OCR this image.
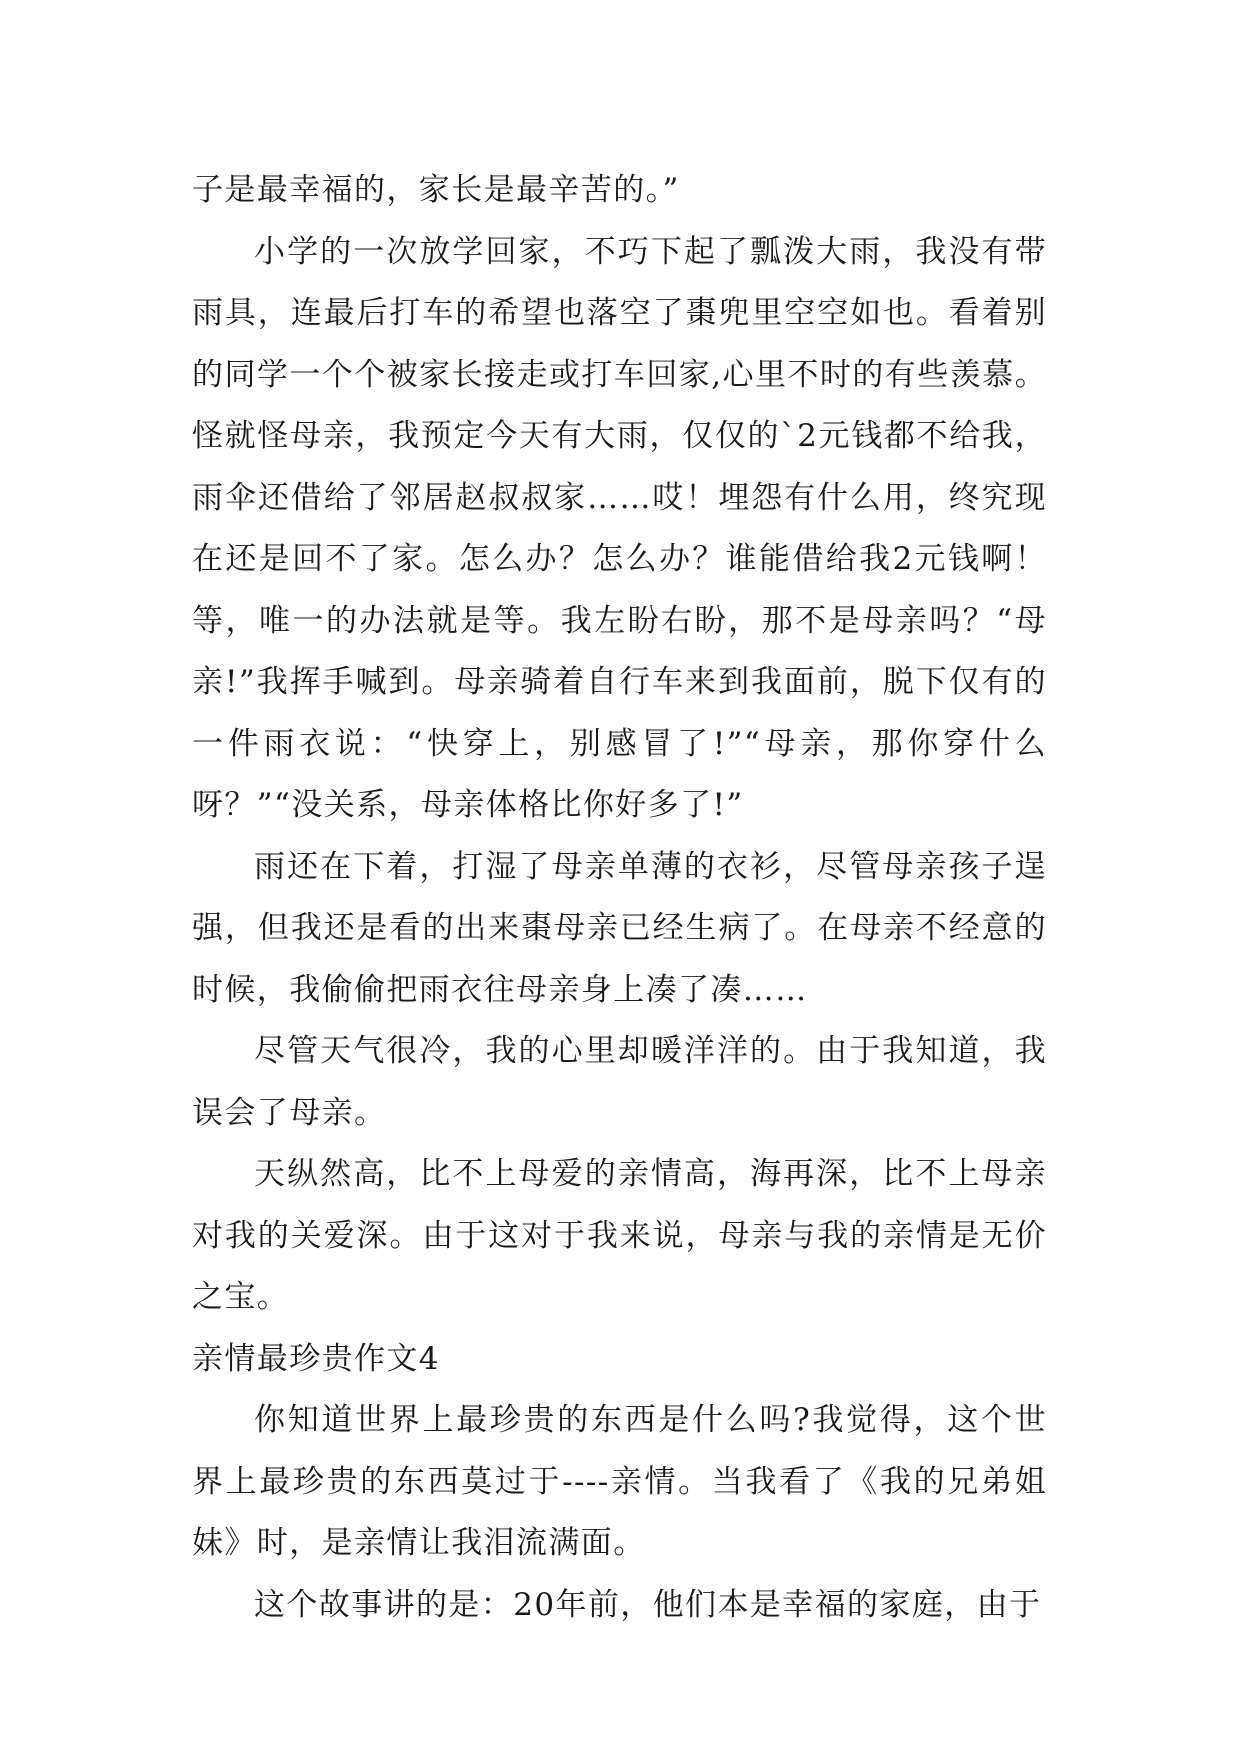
子是最幸福的，家长是最辛苦的。”

小学的一次放学回家，不巧下起了瓢泼大雨，我没有带雨具，连最后打车的希望也落空了棗兜里空空如也。看着别的同学一个个被家长接走或打车回家,心里不时的有些羡慕。怪就怪母亲，我预定今天有大雨，仅仅的`2元钱都不给我，雨伞还借给了邻居赵叔叔家……哎！埋怨有什么用，终究现在还是回不了家。怎么办？怎么办？谁能借给我2元钱啊！等，唯一的办法就是等。我左盼右盼，那不是母亲吗？“母亲!”我挥手喊到。母亲骑着自行车来到我面前，脱下仅有的一件雨衣说：“快穿上，别感冒了!”“母亲，那你穿什么呀？”“没关系，母亲体格比你好多了!”

雨还在下着，打湿了母亲单薄的衣衫，尽管母亲孩子逞强，但我还是看的出来棗母亲已经生病了。在母亲不经意的时候，我偷偷把雨衣往母亲身上凑了凑……

尽管天气很冷，我的心里却暖洋洋的。由于我知道，我误会了母亲。

天纵然高，比不上母爱的亲情高，海再深，比不上母亲对我的关爱深。由于这对于我来说，母亲与我的亲情是无价之宝。

亲情最珍贵作文4

你知道世界上最珍贵的东西是什么吗?我觉得，这个世界上最珍贵的东西莫过于----亲情。当我看了《我的兄弟姐妹》时，是亲情让我泪流满面。

这个故事讲的是：20年前，他们本是幸福的家庭，由于
